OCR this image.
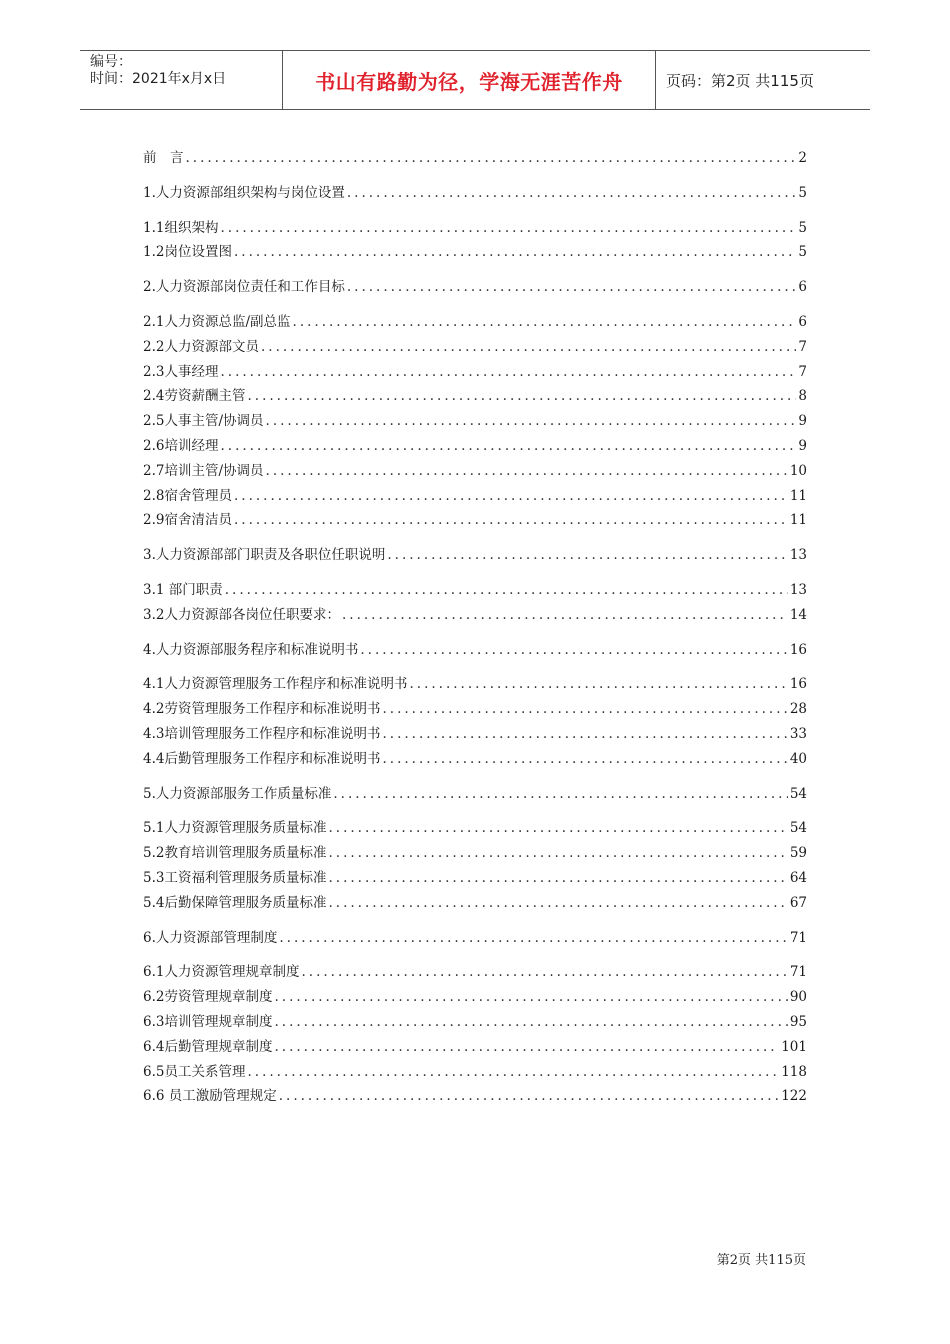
编号：
时间：2021年x月x日	书山有路勤为径，学海无涯苦作舟	页码：第2页 共115页
前　言 .....	2
1.人力资源部组织架构与岗位设置 .....	5
1.1组织架构 .....	5
1.2岗位设置图 .....	5
2.人力资源部岗位责任和工作目标 .....	6
2.1人力资源总监/副总监 .....	6
2.2人力资源部文员 .....	7
2.3人事经理 .....	7
2.4劳资薪酬主管 .....	8
2.5人事主管/协调员 .....	9
2.6培训经理 .....	9
2.7培训主管/协调员 .....	10
2.8宿舍管理员 .....	11
2.9宿舍清洁员 .....	11
3.人力资源部部门职责及各职位任职说明 .....	13
3.1 部门职责 .....	13
3.2人力资源部各岗位任职要求： .....	14
4.人力资源部服务程序和标准说明书 .....	16
4.1人力资源管理服务工作程序和标准说明书 .....	16
4.2劳资管理服务工作程序和标准说明书 .....	28
4.3培训管理服务工作程序和标准说明书 .....	33
4.4后勤管理服务工作程序和标准说明书 .....	40
5.人力资源部服务工作质量标准 .....	54
5.1人力资源管理服务质量标准 .....	54
5.2教育培训管理服务质量标准 .....	59
5.3工资福利管理服务质量标准 .....	64
5.4后勤保障管理服务质量标准 .....	67
6.人力资源部管理制度 .....	71
6.1人力资源管理规章制度 .....	71
6.2劳资管理规章制度 .....	90
6.3培训管理规章制度 .....	95
6.4后勤管理规章制度 .....	101
6.5员工关系管理 .....	118
6.6 员工激励管理规定 .....	122
第2页 共115页
